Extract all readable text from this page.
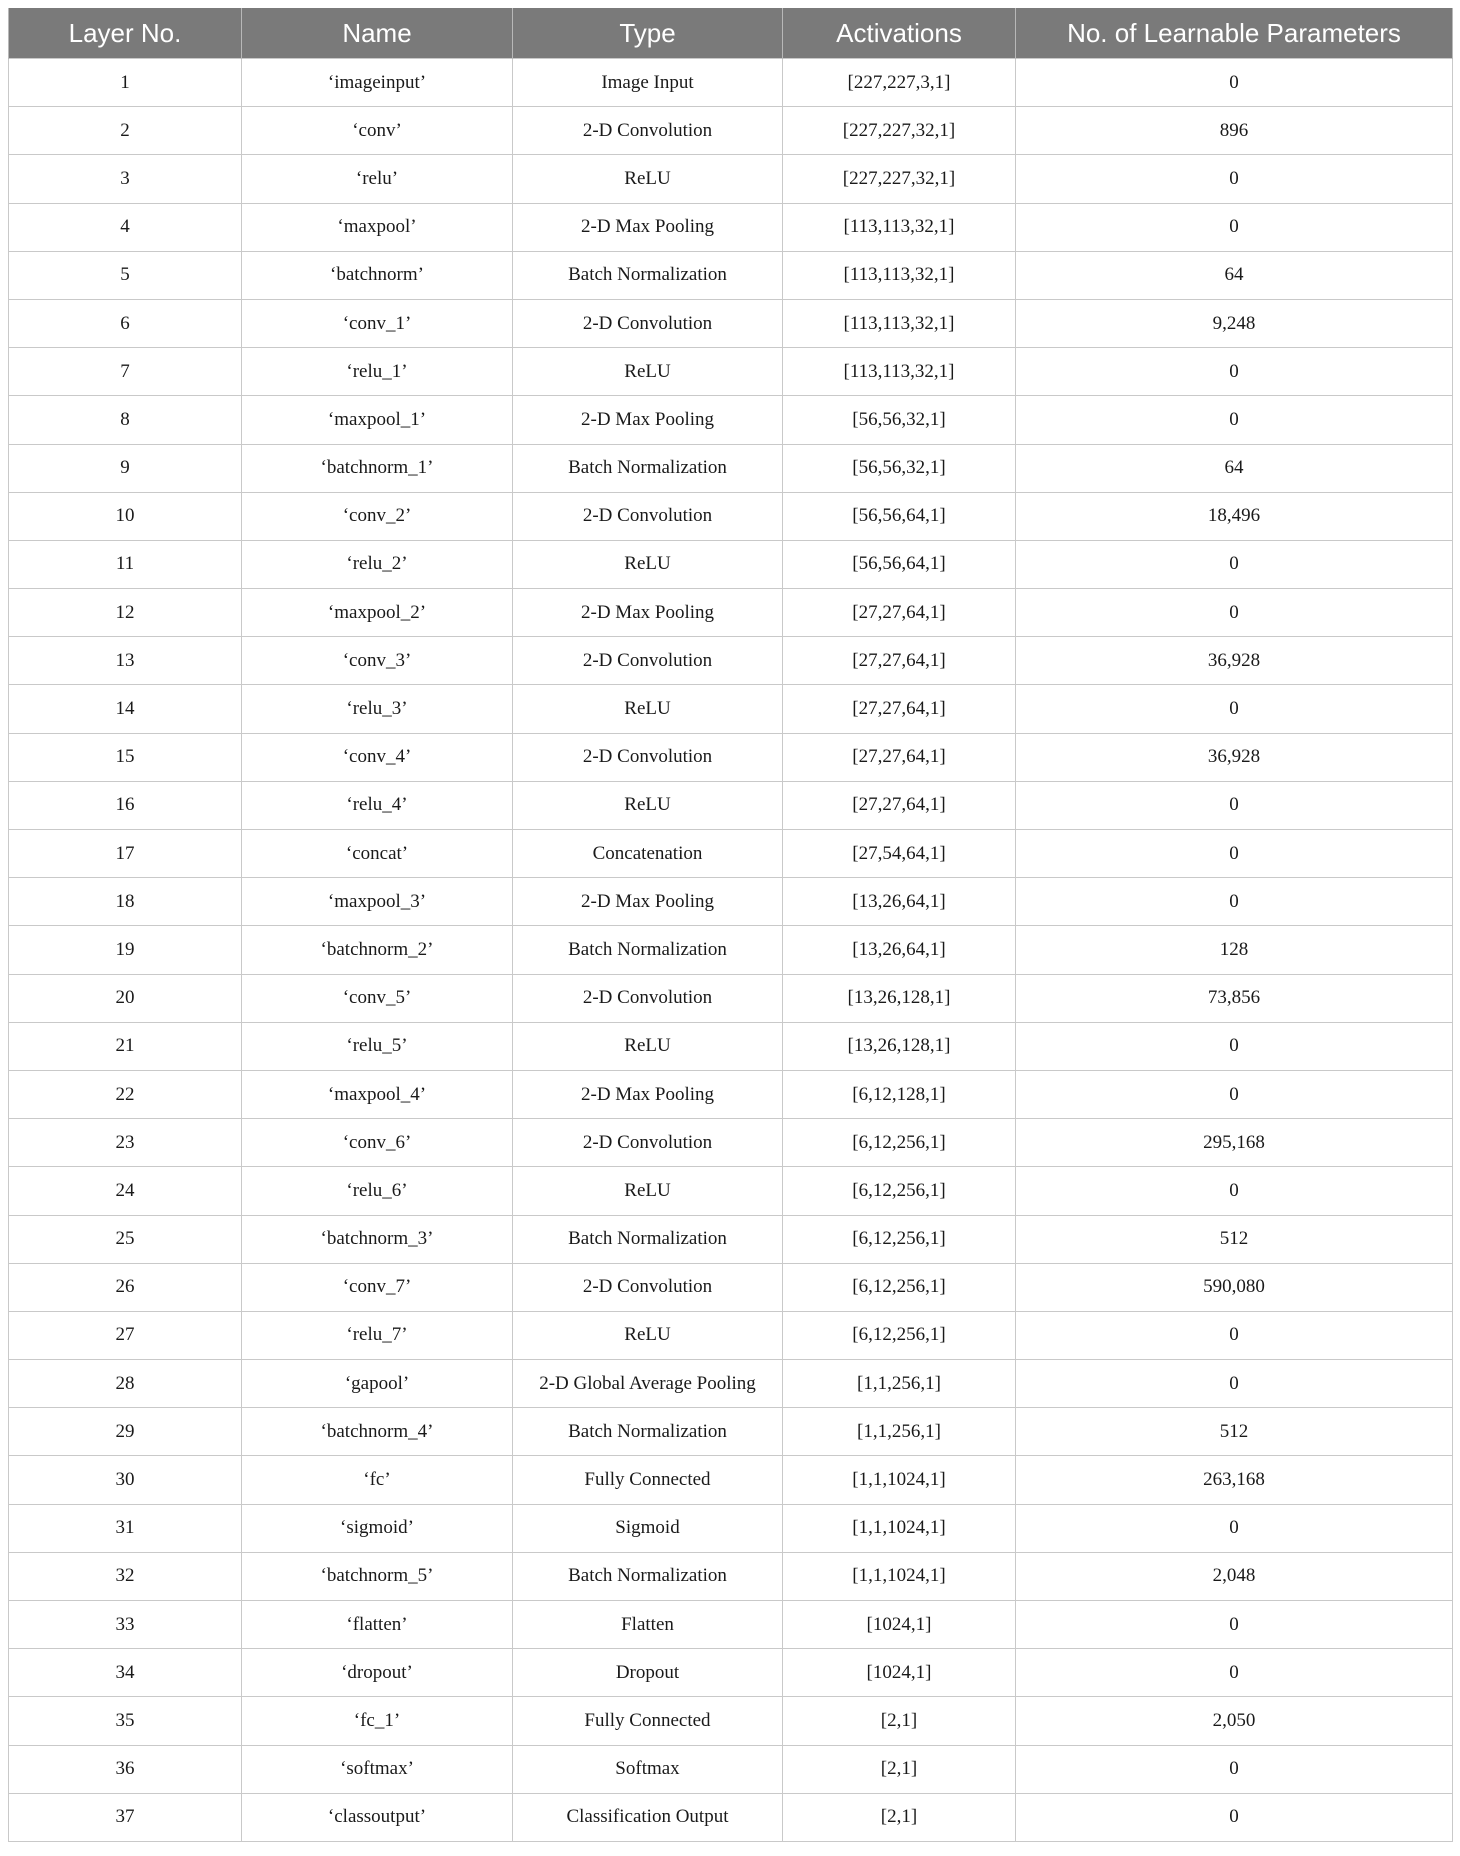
Layer No.	Name	Type	Activations	No. of Learnable Parameters
1	‘imageinput’	Image Input	[227,227,3,1]	0
2	‘conv’	2-D Convolution	[227,227,32,1]	896
3	‘relu’	ReLU	[227,227,32,1]	0
4	‘maxpool’	2-D Max Pooling	[113,113,32,1]	0
5	‘batchnorm’	Batch Normalization	[113,113,32,1]	64
6	‘conv_1’	2-D Convolution	[113,113,32,1]	9,248
7	‘relu_1’	ReLU	[113,113,32,1]	0
8	‘maxpool_1’	2-D Max Pooling	[56,56,32,1]	0
9	‘batchnorm_1’	Batch Normalization	[56,56,32,1]	64
10	‘conv_2’	2-D Convolution	[56,56,64,1]	18,496
11	‘relu_2’	ReLU	[56,56,64,1]	0
12	‘maxpool_2’	2-D Max Pooling	[27,27,64,1]	0
13	‘conv_3’	2-D Convolution	[27,27,64,1]	36,928
14	‘relu_3’	ReLU	[27,27,64,1]	0
15	‘conv_4’	2-D Convolution	[27,27,64,1]	36,928
16	‘relu_4’	ReLU	[27,27,64,1]	0
17	‘concat’	Concatenation	[27,54,64,1]	0
18	‘maxpool_3’	2-D Max Pooling	[13,26,64,1]	0
19	‘batchnorm_2’	Batch Normalization	[13,26,64,1]	128
20	‘conv_5’	2-D Convolution	[13,26,128,1]	73,856
21	‘relu_5’	ReLU	[13,26,128,1]	0
22	‘maxpool_4’	2-D Max Pooling	[6,12,128,1]	0
23	‘conv_6’	2-D Convolution	[6,12,256,1]	295,168
24	‘relu_6’	ReLU	[6,12,256,1]	0
25	‘batchnorm_3’	Batch Normalization	[6,12,256,1]	512
26	‘conv_7’	2-D Convolution	[6,12,256,1]	590,080
27	‘relu_7’	ReLU	[6,12,256,1]	0
28	‘gapool’	2-D Global Average Pooling	[1,1,256,1]	0
29	‘batchnorm_4’	Batch Normalization	[1,1,256,1]	512
30	‘fc’	Fully Connected	[1,1,1024,1]	263,168
31	‘sigmoid’	Sigmoid	[1,1,1024,1]	0
32	‘batchnorm_5’	Batch Normalization	[1,1,1024,1]	2,048
33	‘flatten’	Flatten	[1024,1]	0
34	‘dropout’	Dropout	[1024,1]	0
35	‘fc_1’	Fully Connected	[2,1]	2,050
36	‘softmax’	Softmax	[2,1]	0
37	‘classoutput’	Classification Output	[2,1]	0
